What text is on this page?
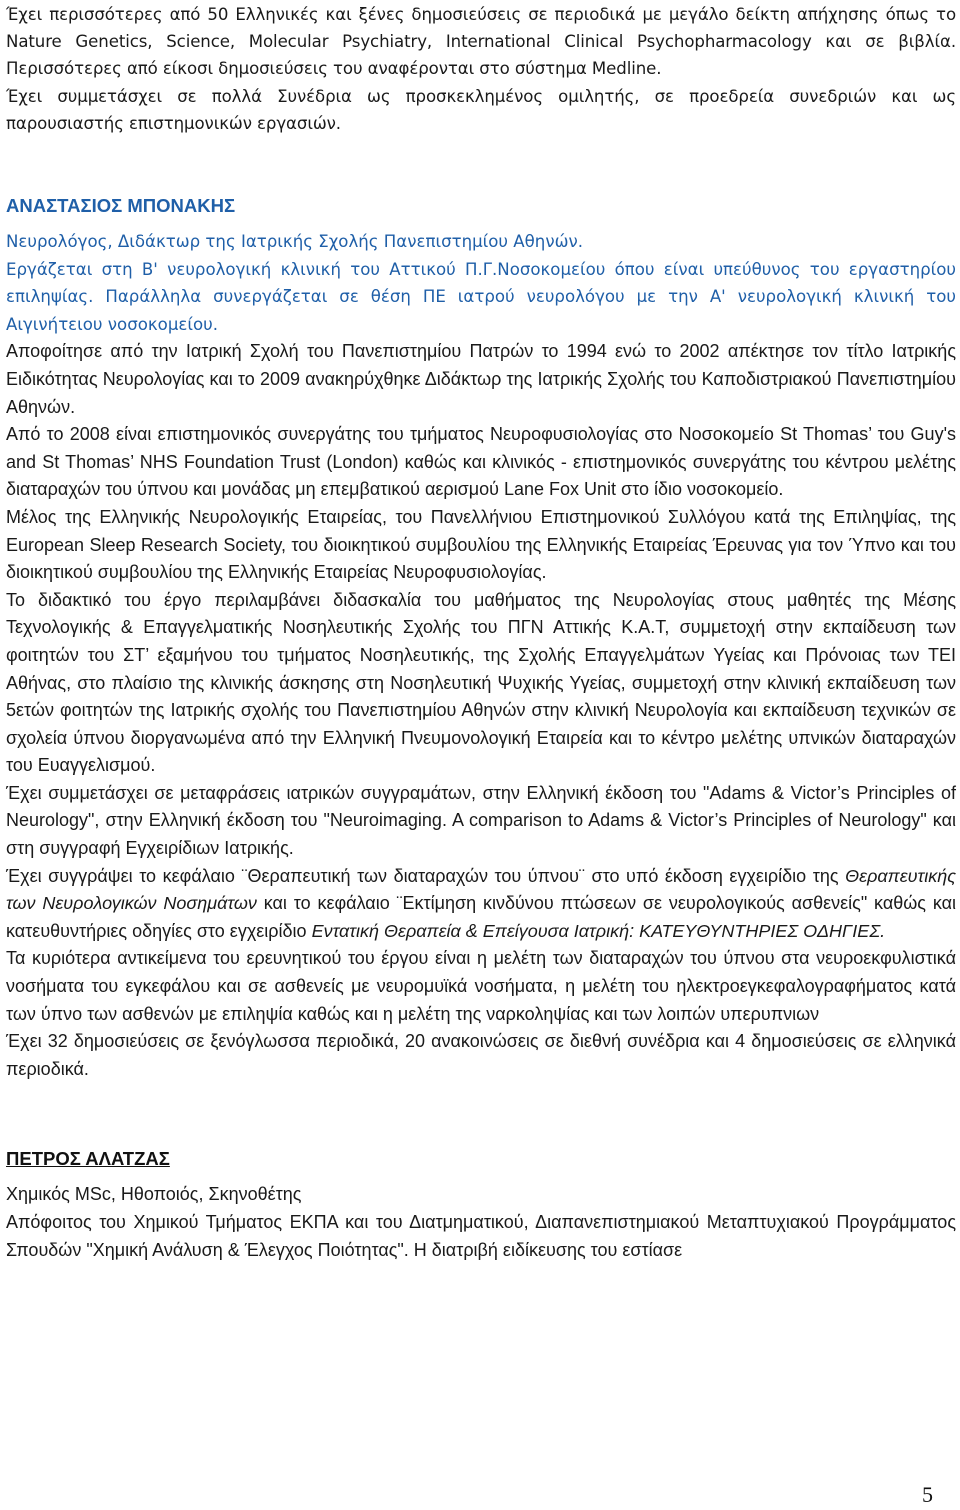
Έχει περισσότερες από 50 Ελληνικές και ξένες δημοσιεύσεις σε περιοδικά με μεγάλο δείκτη απήχησης όπως το Nature Genetics, Science, Molecular Psychiatry, International Clinical Psychopharmacology και σε βιβλία. Περισσότερες από είκοσι δημοσιεύσεις του αναφέρονται στο σύστημα Medline.

Έχει συμμετάσχει σε πολλά Συνέδρια ως προσκεκλημένος ομιλητής, σε προεδρεία συνεδριών και ως παρουσιαστής επιστημονικών εργασιών.

ΑΝΑΣΤΑΣΙΟΣ ΜΠΟΝΑΚΗΣ

Νευρολόγος, Διδάκτωρ της Ιατρικής Σχολής Πανεπιστημίου Αθηνών.

Εργάζεται στη Β' νευρολογική κλινική του Αττικού Π.Γ.Νοσοκομείου όπου είναι υπεύθυνος του εργαστηρίου επιληψίας. Παράλληλα συνεργάζεται σε θέση ΠΕ ιατρού νευρολόγου με την Α' νευρολογική κλινική του Αιγινήτειου νοσοκομείου.

Αποφοίτησε από την Ιατρική Σχολή του Πανεπιστημίου Πατρών το 1994 ενώ το 2002 απέκτησε τον τίτλο Ιατρικής Ειδικότητας Νευρολογίας και το 2009 ανακηρύχθηκε Διδάκτωρ της Ιατρικής Σχολής του Καποδιστριακού Πανεπιστημίου Αθηνών.

Από το 2008 είναι επιστημονικός συνεργάτης του τμήματος Νευροφυσιολογίας στο Νοσοκομείο St Thomas’ του Guy's and St Thomas’ NHS Foundation Trust (London) καθώς και κλινικός - επιστημονικός συνεργάτης του κέντρου μελέτης διαταραχών του ύπνου και μονάδας μη επεμβατικού αερισμού Lane Fox Unit στο ίδιο νοσοκομείο.

Μέλος της Ελληνικής Νευρολογικής Εταιρείας, του Πανελλήνιου Επιστημονικού Συλλόγου κατά της Επιληψίας, της European Sleep Research Society, του διοικητικού συμβουλίου της Ελληνικής Εταιρείας Έρευνας για τον Ύπνο και του διοικητικού συμβουλίου της Ελληνικής Εταιρείας Νευροφυσιολογίας.

Το διδακτικό του έργο περιλαμβάνει διδασκαλία του μαθήματος της Νευρολογίας στους μαθητές της Μέσης Τεχνολογικής & Επαγγελματικής Νοσηλευτικής Σχολής του ΠΓΝ Αττικής Κ.Α.Τ, συμμετοχή στην εκπαίδευση των φοιτητών του ΣΤ’ εξαμήνου του τμήματος Νοσηλευτικής, της Σχολής Επαγγελμάτων Υγείας και Πρόνοιας των ΤΕΙ Αθήνας, στο πλαίσιο της κλινικής άσκησης στη Νοσηλευτική Ψυχικής Υγείας, συμμετοχή στην κλινική εκπαίδευση των 5ετών φοιτητών της Ιατρικής σχολής του Πανεπιστημίου Αθηνών στην κλινική Νευρολογία και εκπαίδευση τεχνικών σε σχολεία ύπνου διοργανωμένα από την Ελληνική Πνευμονολογική Εταιρεία και το κέντρο μελέτης υπνικών διαταραχών του Ευαγγελισμού.

Έχει συμμετάσχει σε μεταφράσεις ιατρικών συγγραμάτων, στην Ελληνική έκδοση του "Adams & Victor’s Principles of Neurology", στην Ελληνική έκδοση του "Neuroimaging. A comparison to Adams & Victor’s Principles of Neurology" και στη συγγραφή Εγχειρίδιων Ιατρικής.

Έχει συγγράψει το κεφάλαιο ¨Θεραπευτική των διαταραχών του ύπνου¨ στο υπό έκδοση εγχειρίδιο της Θεραπευτικής των Νευρολογικών Νοσημάτων και το κεφάλαιο ¨Εκτίμηση κινδύνου πτώσεων σε νευρολογικούς ασθενείς" καθώς και κατευθυντήριες οδηγίες στο εγχειρίδιο Εντατική Θεραπεία & Επείγουσα Ιατρική: ΚΑΤΕΥΘΥΝΤΗΡΙΕΣ ΟΔΗΓΙΕΣ.

Τα κυριότερα αντικείμενα του ερευνητικού του έργου είναι η μελέτη των διαταραχών του ύπνου στα νευροεκφυλιστικά νοσήματα του εγκεφάλου και σε ασθενείς με νευρομυϊκά νοσήματα, η μελέτη του ηλεκτροεγκεφαλογραφήματος κατά των ύπνο των ασθενών με επιληψία καθώς και η μελέτη της ναρκοληψίας και των λοιπών υπερυπνιων

Έχει 32 δημοσιεύσεις σε ξενόγλωσσα περιοδικά, 20 ανακοινώσεις σε διεθνή συνέδρια και 4 δημοσιεύσεις σε ελληνικά περιοδικά.

ΠΕΤΡΟΣ ΑΛΑΤΖΑΣ

Χημικός MSc, Ηθοποιός, Σκηνοθέτης

Απόφοιτος του Χημικού Τμήματος ΕΚΠΑ και του Διατμηματικού, Διαπανεπιστημιακού Μεταπτυχιακού Προγράμματος Σπουδών "Χημική Ανάλυση & Έλεγχος Ποιότητας". Η διατριβή ειδίκευσης του εστίασε

5
